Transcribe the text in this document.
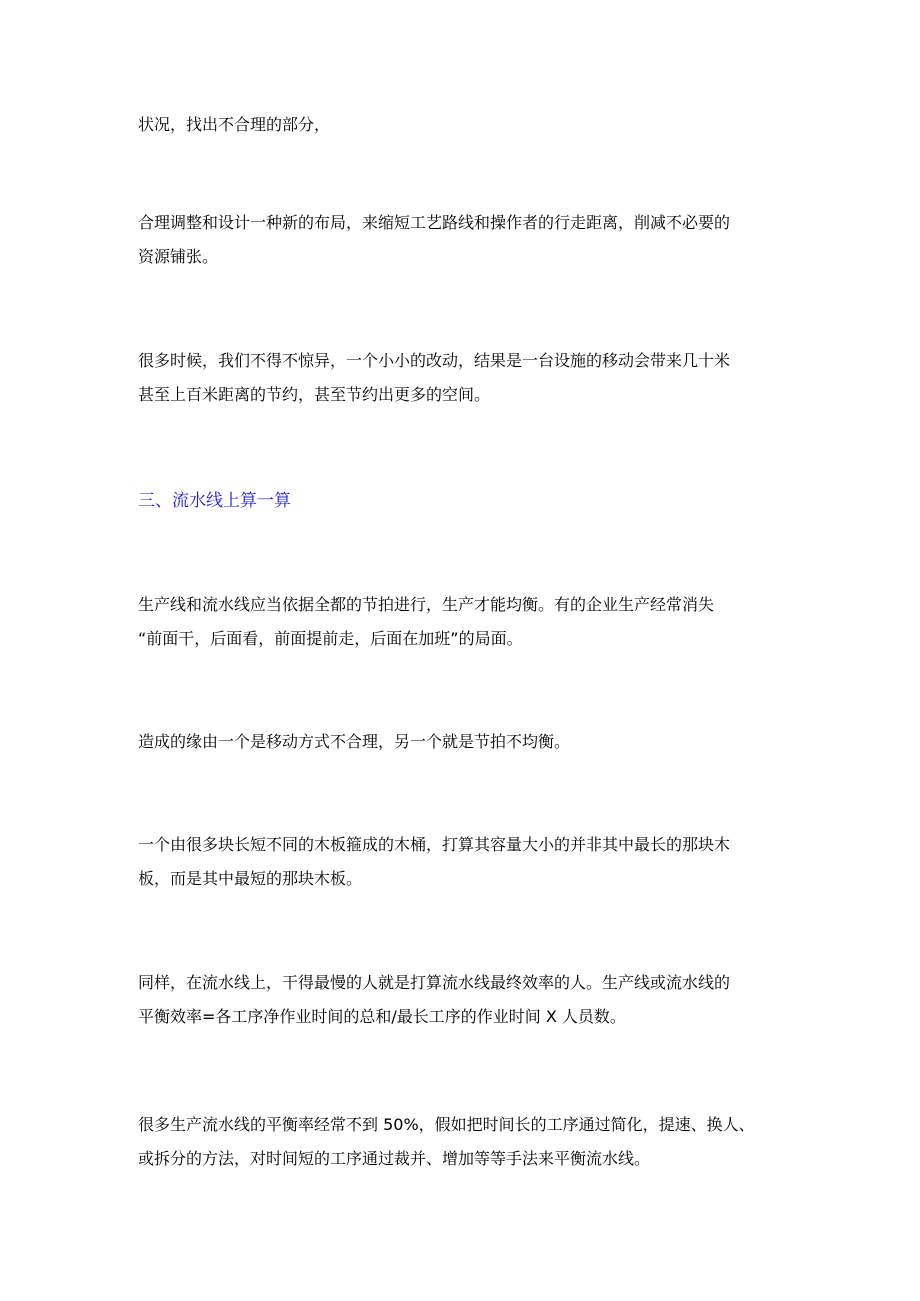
状况，找出不合理的部分，

合理调整和设计一种新的布局，来缩短工艺路线和操作者的行走距离，削减不必要的
资源铺张。

很多时候，我们不得不惊异，一个小小的改动，结果是一台设施的移动会带来几十米
甚至上百米距离的节约，甚至节约出更多的空间。

三、流水线上算一算

生产线和流水线应当依据全都的节拍进行，生产才能均衡。有的企业生产经常消失
“前面干，后面看，前面提前走，后面在加班”的局面。

造成的缘由一个是移动方式不合理，另一个就是节拍不均衡。

一个由很多块长短不同的木板箍成的木桶，打算其容量大小的并非其中最长的那块木
板，而是其中最短的那块木板。

同样，在流水线上，干得最慢的人就是打算流水线最终效率的人。生产线或流水线的
平衡效率=各工序净作业时间的总和/最长工序的作业时间 X 人员数。

很多生产流水线的平衡率经常不到 50%，假如把时间长的工序通过简化，提速、换人、
或拆分的方法，对时间短的工序通过裁并、增加等等手法来平衡流水线。
